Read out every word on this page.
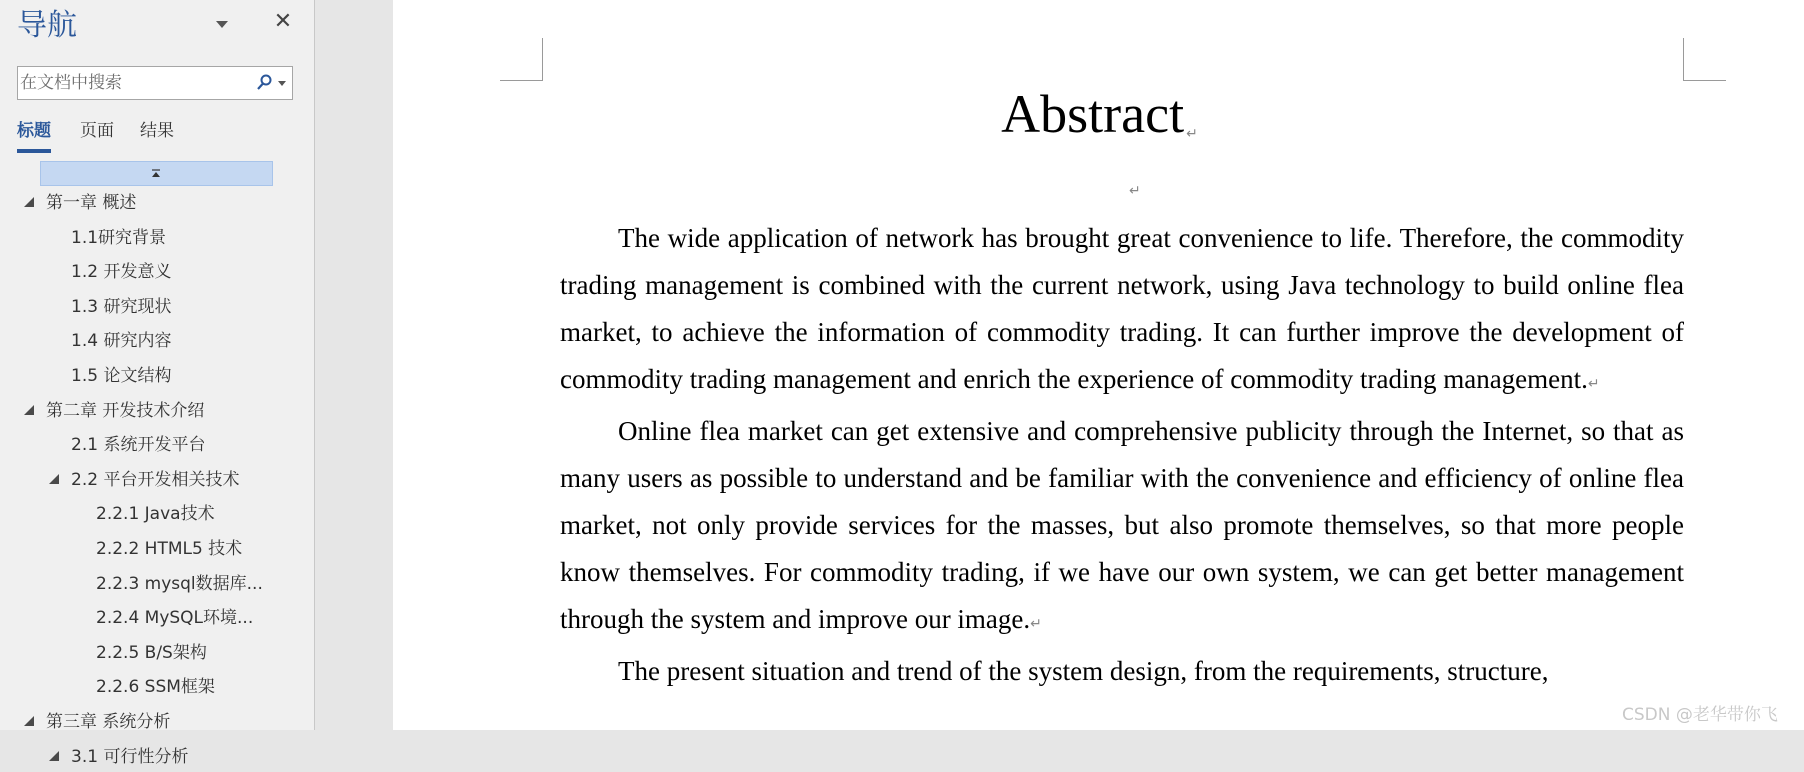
导航	✕
在文档中搜索
标题 页面 结果
第一章 概述
1.1研究背景
1.2 开发意义
1.3 研究现状
1.4 研究内容
1.5 论文结构
第二章 开发技术介绍
2.1 系统开发平台
2.2 平台开发相关技术
2.2.1 Java技术
2.2.2 HTML5 技术
2.2.3 mysql数据库...
2.2.4 MySQL环境...
2.2.5 B/S架构
2.2.6 SSM框架
第三章 系统分析
3.1 可行性分析
Abstract ↵
↵

The wide application of network has brought great convenience to life. Therefore, the commodity trading management is combined with the current network, using Java technology to build online flea market, to achieve the information of commodity trading. It can further improve the development of commodity trading management and enrich the experience of commodity trading management.↵

Online flea market can get extensive and comprehensive publicity through the Internet, so that as many users as possible to understand and be familiar with the convenience and efficiency of online flea market, not only provide services for the masses, but also promote themselves, so that more people know themselves. For commodity trading, if we have our own system, we can get better management through the system and improve our image.↵

The present situation and trend of the system design, from the requirements, structure,

CSDN @老华带你飞
